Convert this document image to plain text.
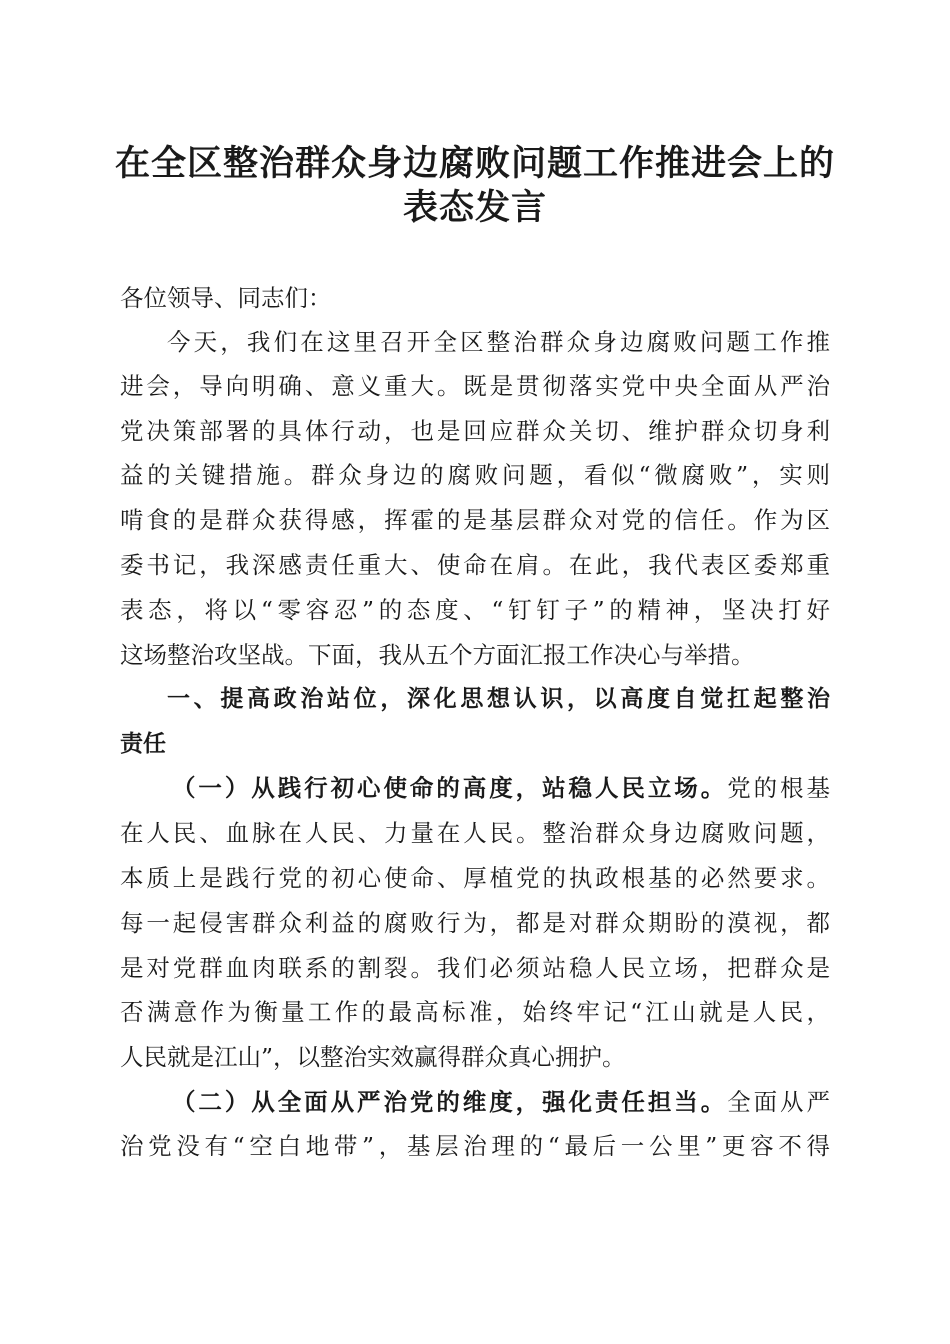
在全区整治群众身边腐败问题工作推进会上的
表态发言
各位领导、同志们：
今天，我们在这里召开全区整治群众身边腐败问题工作推
进会，导向明确、意义重大。既是贯彻落实党中央全面从严治
党决策部署的具体行动，也是回应群众关切、维护群众切身利
益的关键措施。群众身边的腐败问题，看似“微腐败”，实则
啃食的是群众获得感，挥霍的是基层群众对党的信任。作为区
委书记，我深感责任重大、使命在肩。在此，我代表区委郑重
表态，将以“零容忍”的态度、“钉钉子”的精神，坚决打好
这场整治攻坚战。下面，我从五个方面汇报工作决心与举措。
一、提高政治站位，深化思想认识，以高度自觉扛起整治
责任
（一）从践行初心使命的高度，站稳人民立场。党的根基
在人民、血脉在人民、力量在人民。整治群众身边腐败问题，
本质上是践行党的初心使命、厚植党的执政根基的必然要求。
每一起侵害群众利益的腐败行为，都是对群众期盼的漠视，都
是对党群血肉联系的割裂。我们必须站稳人民立场，把群众是
否满意作为衡量工作的最高标准，始终牢记“江山就是人民，
人民就是江山”，以整治实效赢得群众真心拥护。
（二）从全面从严治党的维度，强化责任担当。全面从严
治党没有“空白地带”，基层治理的“最后一公里”更容不得
